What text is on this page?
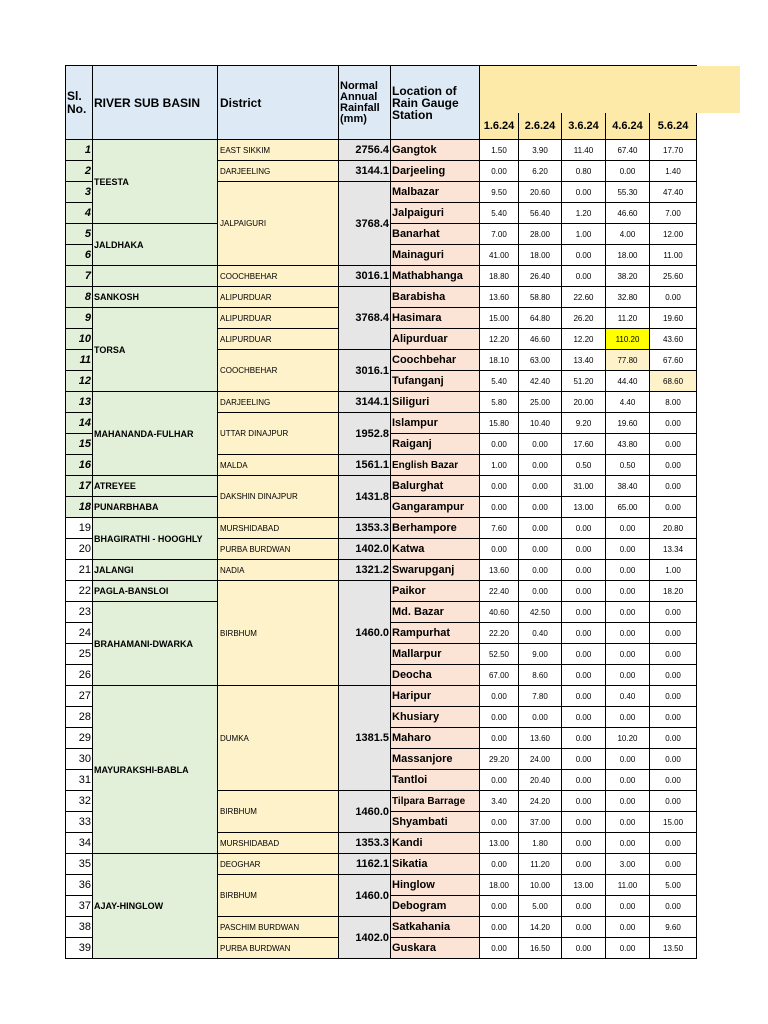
Sl. No.	RIVER SUB BASIN	District	Normal Annual Rainfall (mm)	Location of Rain Gauge Station					
					1.6.24	2.6.24	3.6.24	4.6.24	5.6.24
1	TEESTA	EAST SIKKIM	2756.4	Gangtok	1.50	3.90	11.40	67.40	17.70
2		DARJEELING	3144.1	Darjeeling	0.00	6.20	0.80	0.00	1.40
3		JALPAIGURI	3768.4	Malbazar	9.50	20.60	0.00	55.30	47.40
4				Jalpaiguri	5.40	56.40	1.20	46.60	7.00
5	JALDHAKA			Banarhat	7.00	28.00	1.00	4.00	12.00
6				Mainaguri	41.00	18.00	0.00	18.00	11.00
7		COOCHBEHAR	3016.1	Mathabhanga	18.80	26.40	0.00	38.20	25.60
8	SANKOSH	ALIPURDUAR	3768.4	Barabisha	13.60	58.80	22.60	32.80	0.00
9	TORSA	ALIPURDUAR		Hasimara	15.00	64.80	26.20	11.20	19.60
10		ALIPURDUAR		Alipurduar	12.20	46.60	12.20	110.20	43.60
11		COOCHBEHAR	3016.1	Coochbehar	18.10	63.00	13.40	77.80	67.60
12				Tufanganj	5.40	42.40	51.20	44.40	68.60
13	MAHANANDA-FULHAR	DARJEELING	3144.1	Siliguri	5.80	25.00	20.00	4.40	8.00
14		UTTAR DINAJPUR	1952.8	Islampur	15.80	10.40	9.20	19.60	0.00
15				Raiganj	0.00	0.00	17.60	43.80	0.00
16		MALDA	1561.1	English Bazar	1.00	0.00	0.50	0.50	0.00
17	ATREYEE	DAKSHIN DINAJPUR	1431.8	Balurghat	0.00	0.00	31.00	38.40	0.00
18	PUNARBHABA			Gangarampur	0.00	0.00	13.00	65.00	0.00
19	BHAGIRATHI - HOOGHLY	MURSHIDABAD	1353.3	Berhampore	7.60	0.00	0.00	0.00	20.80
20		PURBA BURDWAN	1402.0	Katwa	0.00	0.00	0.00	0.00	13.34
21	JALANGI	NADIA	1321.2	Swarupganj	13.60	0.00	0.00	0.00	1.00
22	PAGLA-BANSLOI	BIRBHUM	1460.0	Paikor	22.40	0.00	0.00	0.00	18.20
23	BRAHAMANI-DWARKA			Md. Bazar	40.60	42.50	0.00	0.00	0.00
24				Rampurhat	22.20	0.40	0.00	0.00	0.00
25				Mallarpur	52.50	9.00	0.00	0.00	0.00
26				Deocha	67.00	8.60	0.00	0.00	0.00
27	MAYURAKSHI-BABLA	DUMKA	1381.5	Haripur	0.00	7.80	0.00	0.40	0.00
28				Khusiary	0.00	0.00	0.00	0.00	0.00
29				Maharo	0.00	13.60	0.00	10.20	0.00
30				Massanjore	29.20	24.00	0.00	0.00	0.00
31				Tantloi	0.00	20.40	0.00	0.00	0.00
32		BIRBHUM	1460.0	Tilpara Barrage	3.40	24.20	0.00	0.00	0.00
33				Shyambati	0.00	37.00	0.00	0.00	15.00
34		MURSHIDABAD	1353.3	Kandi	13.00	1.80	0.00	0.00	0.00
35	AJAY-HINGLOW	DEOGHAR	1162.1	Sikatia	0.00	11.20	0.00	3.00	0.00
36		BIRBHUM	1460.0	Hinglow	18.00	10.00	13.00	11.00	5.00
37				Debogram	0.00	5.00	0.00	0.00	0.00
38		PASCHIM BURDWAN	1402.0	Satkahania	0.00	14.20	0.00	0.00	9.60
39		PURBA BURDWAN		Guskara	0.00	16.50	0.00	0.00	13.50
